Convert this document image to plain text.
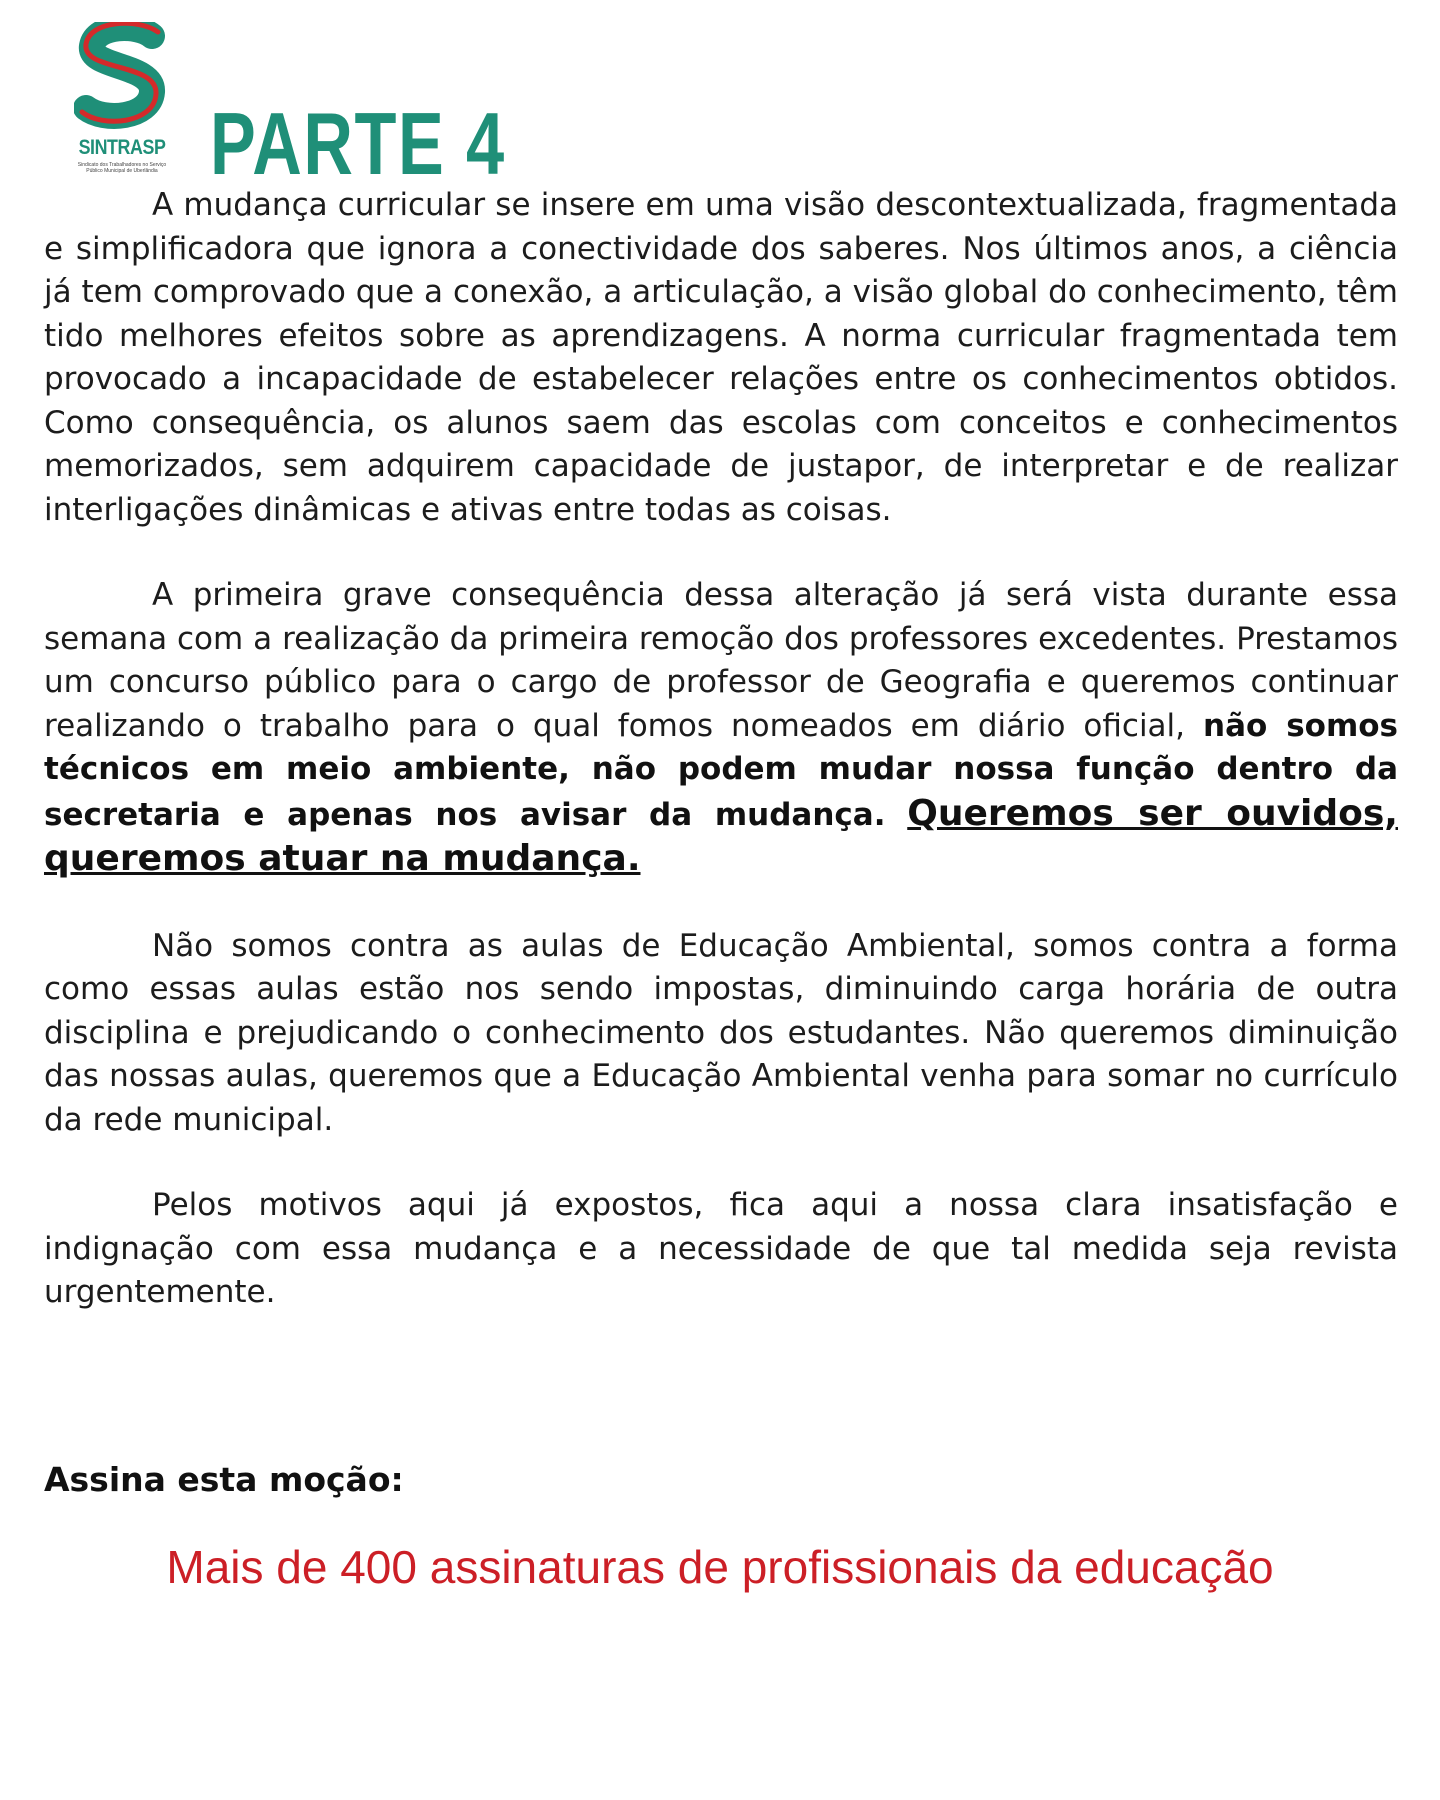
SINTRASP
Sindicato dos Trabalhadores no Serviço Público Municipal de Uberlândia PARTE 4

A mudança curricular se insere em uma visão descontextualizada, fragmentada e simplificadora que ignora a conectividade dos saberes. Nos últimos anos, a ciência já tem comprovado que a conexão, a articulação, a visão global do conhecimento, têm tido melhores efeitos sobre as aprendizagens. A norma curricular fragmentada tem provocado a incapacidade de estabelecer relações entre os conhecimentos obtidos. Como consequência, os alunos saem das escolas com conceitos e conhecimentos memorizados, sem adquirem capacidade de justapor, de interpretar e de realizar interligações dinâmicas e ativas entre todas as coisas.

A primeira grave consequência dessa alteração já será vista durante essa semana com a realização da primeira remoção dos professores excedentes. Prestamos um concurso público para o cargo de professor de Geografia e queremos continuar realizando o trabalho para o qual fomos nomeados em diário oficial, não somos técnicos em meio ambiente, não podem mudar nossa função dentro da secretaria e apenas nos avisar da mudança. Queremos ser ouvidos, queremos atuar na mudança.

Não somos contra as aulas de Educação Ambiental, somos contra a forma como essas aulas estão nos sendo impostas, diminuindo carga horária de outra disciplina e prejudicando o conhecimento dos estudantes. Não queremos diminuição das nossas aulas, queremos que a Educação Ambiental venha para somar no currículo da rede municipal.

Pelos motivos aqui já expostos, fica aqui a nossa clara insatisfação e indignação com essa mudança e a necessidade de que tal medida seja revista urgentemente.

Assina esta moção:

Mais de 400 assinaturas de profissionais da educação
